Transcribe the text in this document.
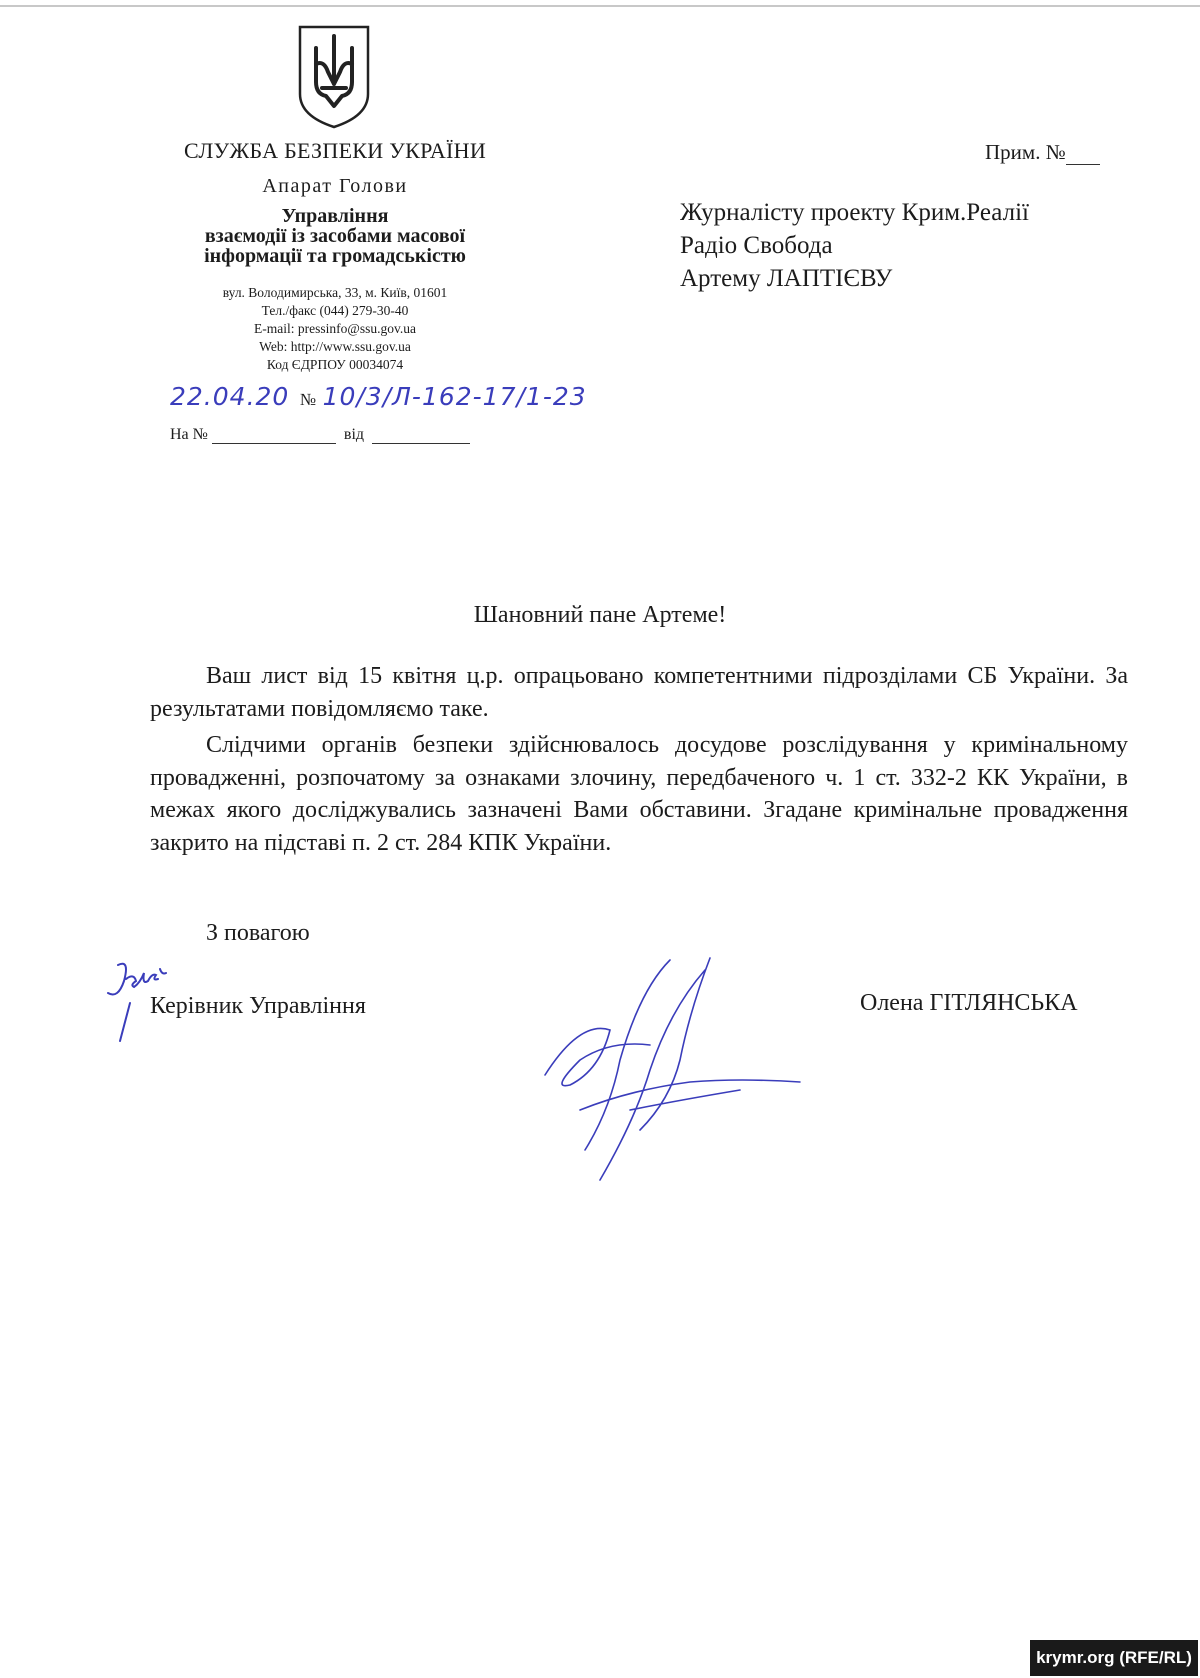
СЛУЖБА БЕЗПЕКИ УКРАЇНИ
Апарат Голови
Управління
взаємодії із засобами масової
інформації та громадськістю
вул. Володимирська, 33, м. Київ, 01601
Тел./факс (044) 279-30-40
E-mail: pressinfo@ssu.gov.ua
Web: http://www.ssu.gov.ua
Код ЄДРПОУ 00034074
22.04.20 № 10/3/Л-162-17/1-23
На №	від
Прим. №
Журналісту проекту Крим.Реалії
Радіо Свобода
Артему ЛАПТІЄВУ
Шановний пане Артеме!

Ваш лист від 15 квітня ц.р. опрацьовано компетентними підрозділами СБ України. За результатами повідомляємо таке.

Слідчими органів безпеки здійснювалось досудове розслідування у кримінальному провадженні, розпочатому за ознаками злочину, передбаченого ч. 1 ст. 332-2 КК України, в межах якого досліджувались зазначені Вами обставини. Згадане кримінальне провадження закрито на підставі п. 2 ст. 284 КПК України.

З повагою
Керівник Управління	Олена ГІТЛЯНСЬКА
krymr.org (RFE/RL)
